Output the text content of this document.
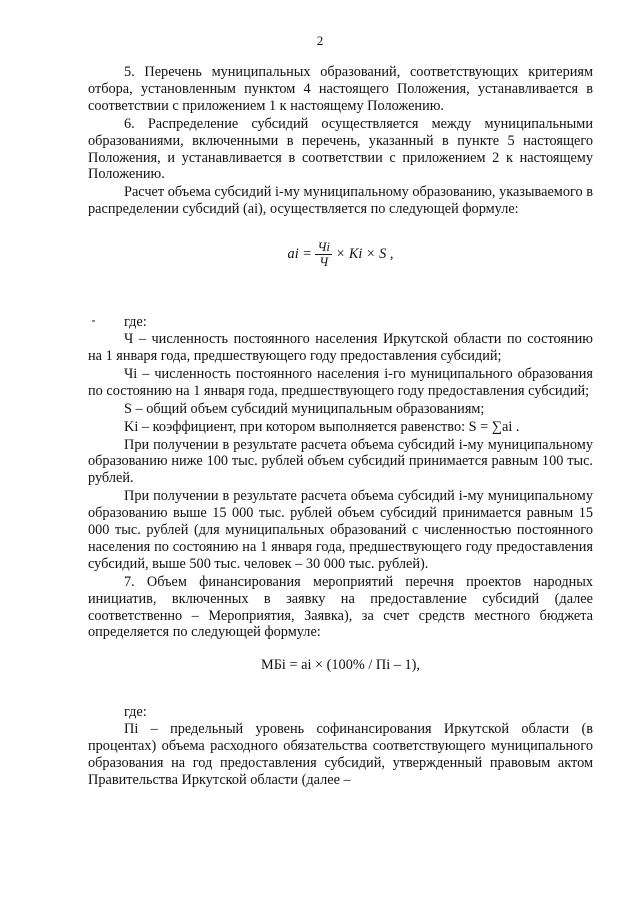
2

5. Перечень муниципальных образований, соответствующих критериям отбора, установленным пунктом 4 настоящего Положения, устанавливается в соответствии с приложением 1 к настоящему Положению.

6. Распределение субсидий осуществляется между муниципальными образованиями, включенными в перечень, указанный в пункте 5 настоящего Положения, и устанавливается в соответствии с приложением 2 к настоящему Положению.

Расчет объема субсидий i-му муниципальному образованию, указываемого в распределении субсидий (ai), осуществляется по следующей формуле:

ai = $\frac{Чi}{Ч} \times Ki \times S$ ,

где:

Ч – численность постоянного населения Иркутской области по состоянию на 1 января года, предшествующего году предоставления субсидий;

Чi – численность постоянного населения i-го муниципального образования по состоянию на 1 января года, предшествующего году предоставления субсидий;

S – общий объем субсидий муниципальным образованиям;

Ki – коэффициент, при котором выполняется равенство: S = ∑ai .

При получении в результате расчета объема субсидий i-му муниципальному образованию ниже 100 тыс. рублей объем субсидий принимается равным 100 тыс. рублей.

При получении в результате расчета объема субсидий i-му муниципальному образованию выше 15 000 тыс. рублей объем субсидий принимается равным 15 000 тыс. рублей (для муниципальных образований с численностью постоянного населения по состоянию на 1 января года, предшествующего году предоставления субсидий, выше 500 тыс. человек – 30 000 тыс. рублей).

7. Объем финансирования мероприятий перечня проектов народных инициатив, включенных в заявку на предоставление субсидий (далее соответственно – Мероприятия, Заявка), за счет средств местного бюджета определяется по следующей формуле:

МБi = ai × (100% / Пi – 1),

где:

Пi – предельный уровень софинансирования Иркутской области (в процентах) объема расходного обязательства соответствующего муниципального образования на год предоставления субсидий, утвержденный правовым актом Правительства Иркутской области (далее –
